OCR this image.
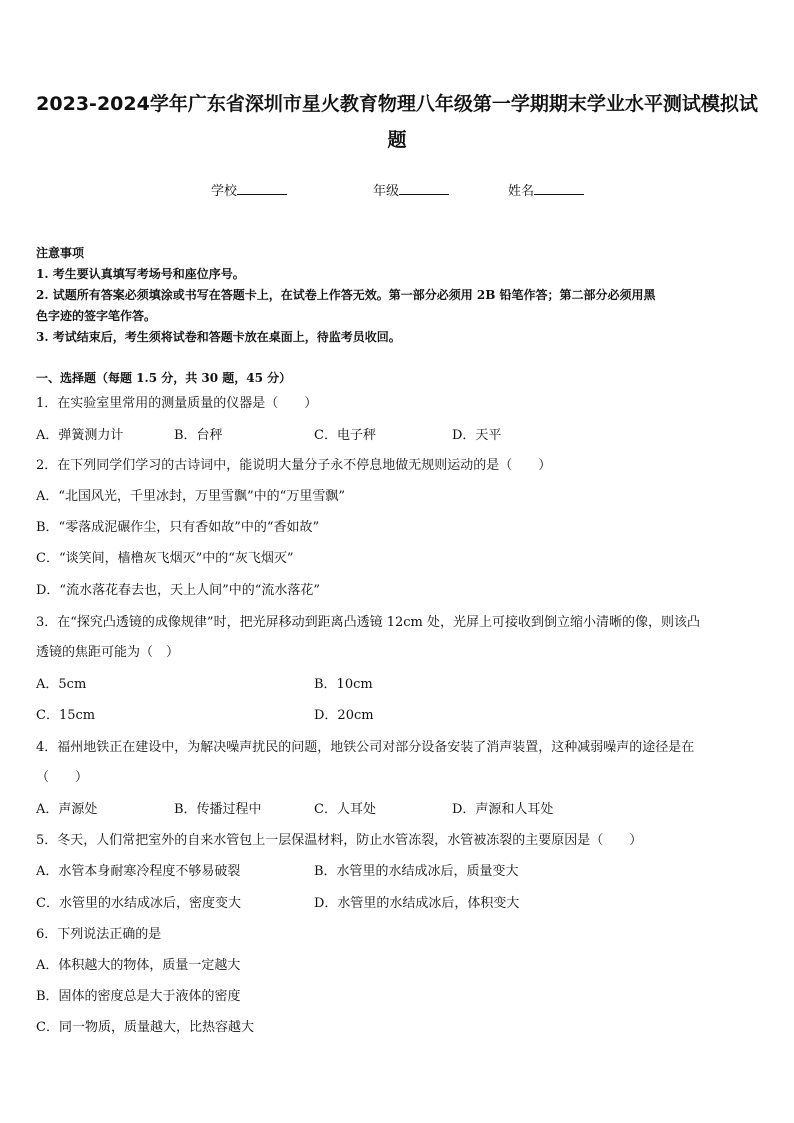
2023-2024学年广东省深圳市星火教育物理八年级第一学期期末学业水平测试模拟试
题
学校	年级	姓名
注意事项
1. 考生要认真填写考场号和座位序号。
2. 试题所有答案必须填涂或书写在答题卡上，在试卷上作答无效。第一部分必须用 2B 铅笔作答；第二部分必须用黑
色字迹的签字笔作答。
3. 考试结束后，考生须将试卷和答题卡放在桌面上，待监考员收回。
一、选择题（每题 1.5 分，共 30 题，45 分）
1．在实验室里常用的测量质量的仪器是（　　）
A．弹簧测力计	B．台秤	C．电子秤	D．天平
2．在下列同学们学习的古诗词中，能说明大量分子永不停息地做无规则运动的是（　　）
A．“北国风光，千里冰封，万里雪飘”中的“万里雪飘”
B．“零落成泥碾作尘，只有香如故”中的“香如故”
C．“谈笑间，樯橹灰飞烟灭”中的“灰飞烟灭”
D．“流水落花春去也，天上人间”中的“流水落花”
3．在“探究凸透镜的成像规律”时，把光屏移动到距离凸透镜 12cm 处，光屏上可接收到倒立缩小清晰的像，则该凸
透镜的焦距可能为（　）
A．5cm	B．10cm
C．15cm	D．20cm
4．福州地铁正在建设中，为解决噪声扰民的问题，地铁公司对部分设备安装了消声装置，这种减弱噪声的途径是在
（　　）
A．声源处	B．传播过程中	C．人耳处	D．声源和人耳处
5．冬天，人们常把室外的自来水管包上一层保温材料，防止水管冻裂，水管被冻裂的主要原因是（　　）
A．水管本身耐寒冷程度不够易破裂	B．水管里的水结成冰后，质量变大
C．水管里的水结成冰后，密度变大	D．水管里的水结成冰后，体积变大
6．下列说法正确的是
A．体积越大的物体，质量一定越大
B．固体的密度总是大于液体的密度
C．同一物质，质量越大，比热容越大
